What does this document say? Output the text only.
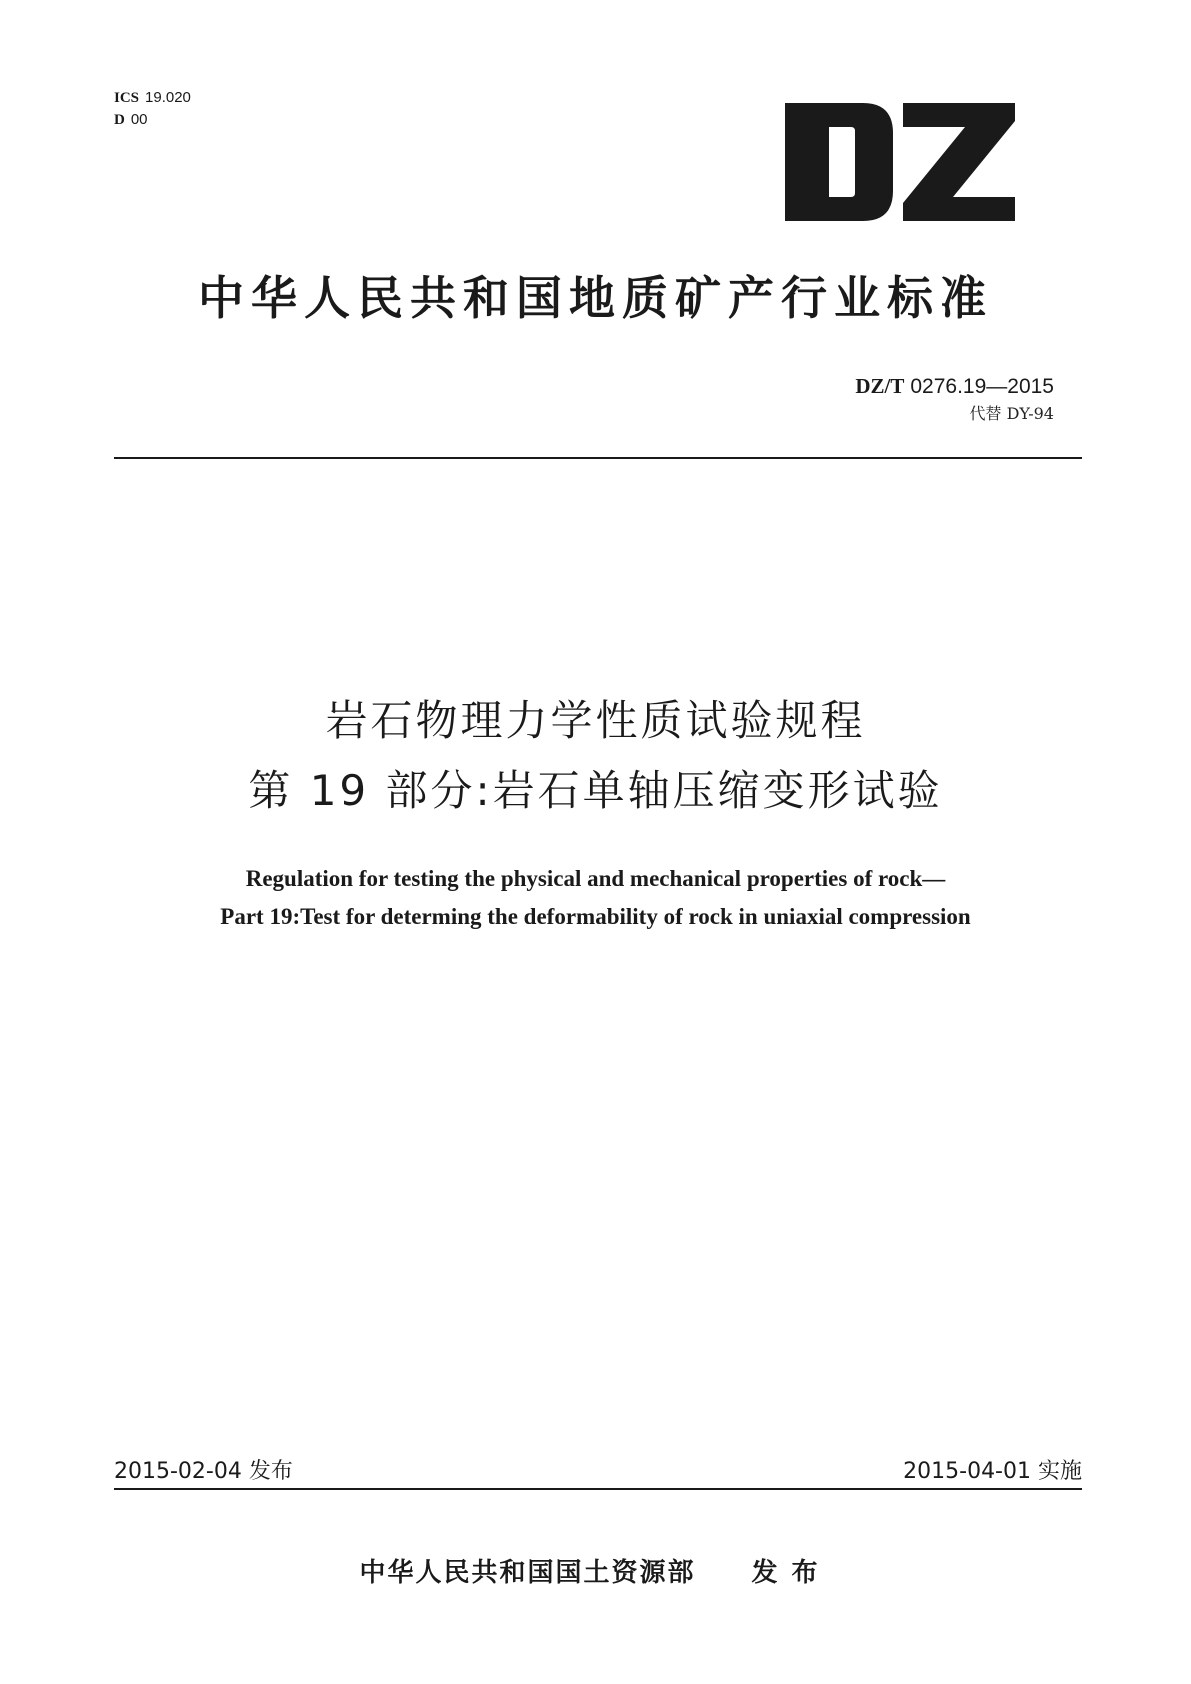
ICS 19.020
D 00
中华人民共和国地质矿产行业标准
DZ/T 0276.19—2015
代替 DY-94
岩石物理力学性质试验规程
第 19 部分:岩石单轴压缩变形试验
Regulation for testing the physical and mechanical properties of rock—
Part 19:Test for determing the deformability of rock in uniaxial compression
2015-02-04 发布	2015-04-01 实施
中华人民共和国国土资源部 发布
